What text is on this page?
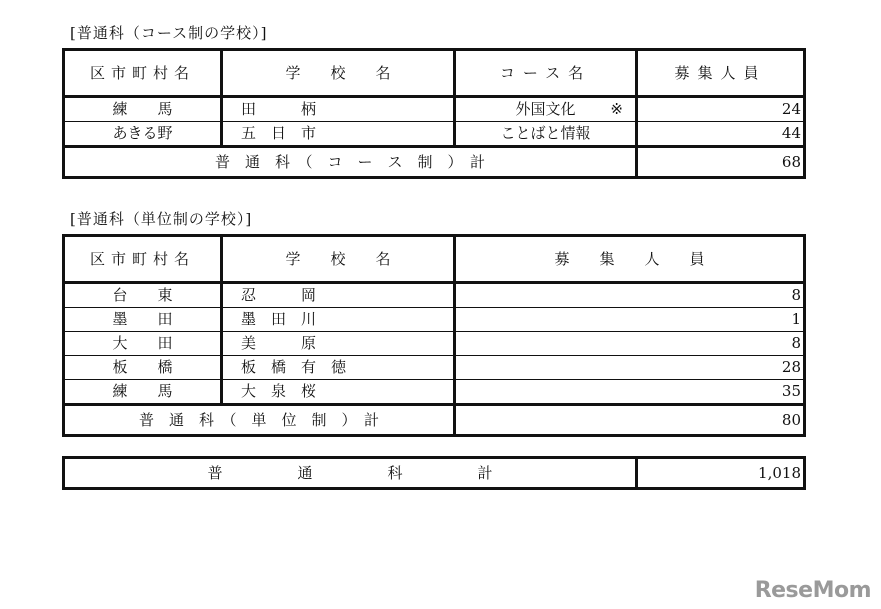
[普通科（コース制の学校）]
区市町村名	学　　校　　名	コース名	募集人員
練　　馬	田　　　柄	外国文化 ※	24
あきる野	五　日　市	ことばと情報	44
普　通　科　（　コ　ー　ス　制　）　計			68
[普通科（単位制の学校）]
区市町村名	学　　校　　名	募　　集　　人　　員
台　　東	忍　　　岡	8
墨　　田	墨　田　川	1
大　　田	美　　　原	8
板　　橋	板　橋　有　徳	28
練　　馬	大　泉　桜	35
普　通　科　（　単　位　制　）　計		80
普　　　　　通　　　　　科　　　　　計	1,018
ReseMom
